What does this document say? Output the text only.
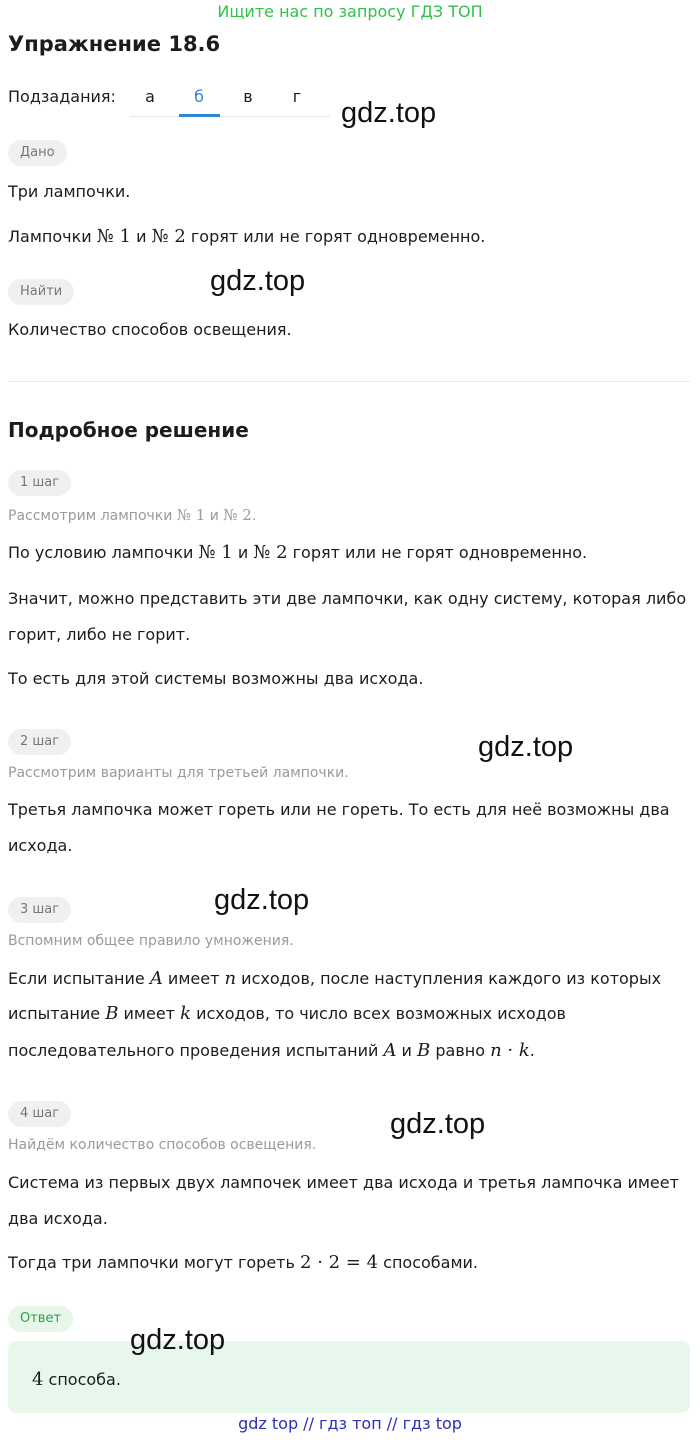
Ищите нас по запросу ГДЗ ТОП
Упражнение 18.6
Подзадания:	а	б	в	г
gdz.top
Дано
Три лампочки.
Лампочки № 1 и № 2 горят или не горят одновременно.
Найти	gdz.top
Количество способов освещения.
Подробное решение
1 шаг
Рассмотрим лампочки № 1 и № 2.
По условию лампочки № 1 и № 2 горят или не горят одновременно.
Значит, можно представить эти две лампочки, как одну систему, которая либо горит, либо не горит.
То есть для этой системы возможны два исхода.
2 шаг	gdz.top
Рассмотрим варианты для третьей лампочки.
Третья лампочка может гореть или не гореть. То есть для неё возможны два исхода.
3 шаг	gdz.top
Вспомним общее правило умножения.
Если испытание A имеет n исходов, после наступления каждого из которых
испытание B имеет k исходов, то число всех возможных исходов
последовательного проведения испытаний A и B равно n · k.
4 шаг	gdz.top
Найдём количество способов освещения.
Система из первых двух лампочек имеет два исхода и третья лампочка имеет два исхода.
Тогда три лампочки могут гореть 2 · 2 = 4 способами.
Ответ
gdz.top
4 способа.
gdz top // гдз топ // гдз top
